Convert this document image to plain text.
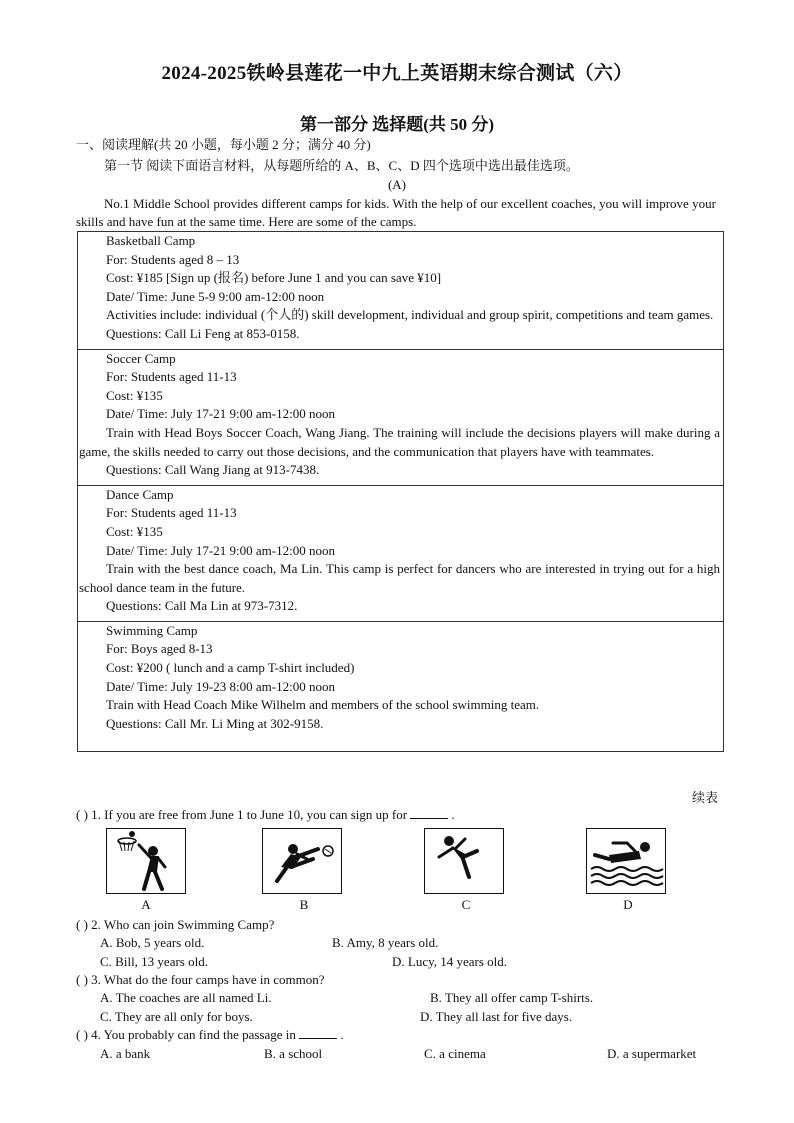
2024-2025铁岭县莲花一中九上英语期末综合测试（六）
第一部分 选择题(共 50 分)
一、阅读理解(共 20 小题，每小题 2 分；满分 40 分)
第一节 阅读下面语言材料，从每题所给的 A、B、C、D 四个选项中选出最佳选项。
(A)
No.1 Middle School provides different camps for kids. With the help of our excellent coaches, you will improve your skills and have fun at the same time. Here are some of the camps.
Basketball Camp
For: Students aged 8 – 13
Cost: ¥185 [Sign up (报名) before June 1 and you can save ¥10]
Date/ Time: June 5-9 9:00 am-12:00 noon
Activities include: individual (个人的) skill development, individual and group spirit, competitions and team games.
Questions: Call Li Feng at 853-0158.
Soccer Camp
For: Students aged 11-13
Cost: ¥135
Date/ Time: July 17-21 9:00 am-12:00 noon
Train with Head Boys Soccer Coach, Wang Jiang. The training will include the decisions players will make during a game, the skills needed to carry out those decisions, and the communication that players have with teammates.
Questions: Call Wang Jiang at 913-7438.
Dance Camp
For: Students aged 11-13
Cost: ¥135
Date/ Time: July 17-21 9:00 am-12:00 noon
Train with the best dance coach, Ma Lin. This camp is perfect for dancers who are interested in trying out for a high school dance team in the future.
Questions: Call Ma Lin at 973-7312.
Swimming Camp
For: Boys aged 8-13
Cost: ¥200 ( lunch and a camp T-shirt included)
Date/ Time: July 19-23 8:00 am-12:00 noon
Train with Head Coach Mike Wilhelm and members of the school swimming team.
Questions: Call Mr. Li Ming at 302-9158.
续表
( ) 1. If you are free from June 1 to June 10, you can sign up for	.
A	B	C	D
( ) 2. Who can join Swimming Camp?
A. Bob, 5 years old.	B. Amy, 8 years old.
C. Bill, 13 years old.	D. Lucy, 14 years old.
( ) 3. What do the four camps have in common?
A. The coaches are all named Li.	B. They all offer camp T-shirts.
C. They are all only for boys.	D. They all last for five days.
( ) 4. You probably can find the passage in	.
A. a bank	B. a school	C. a cinema	D. a supermarket
